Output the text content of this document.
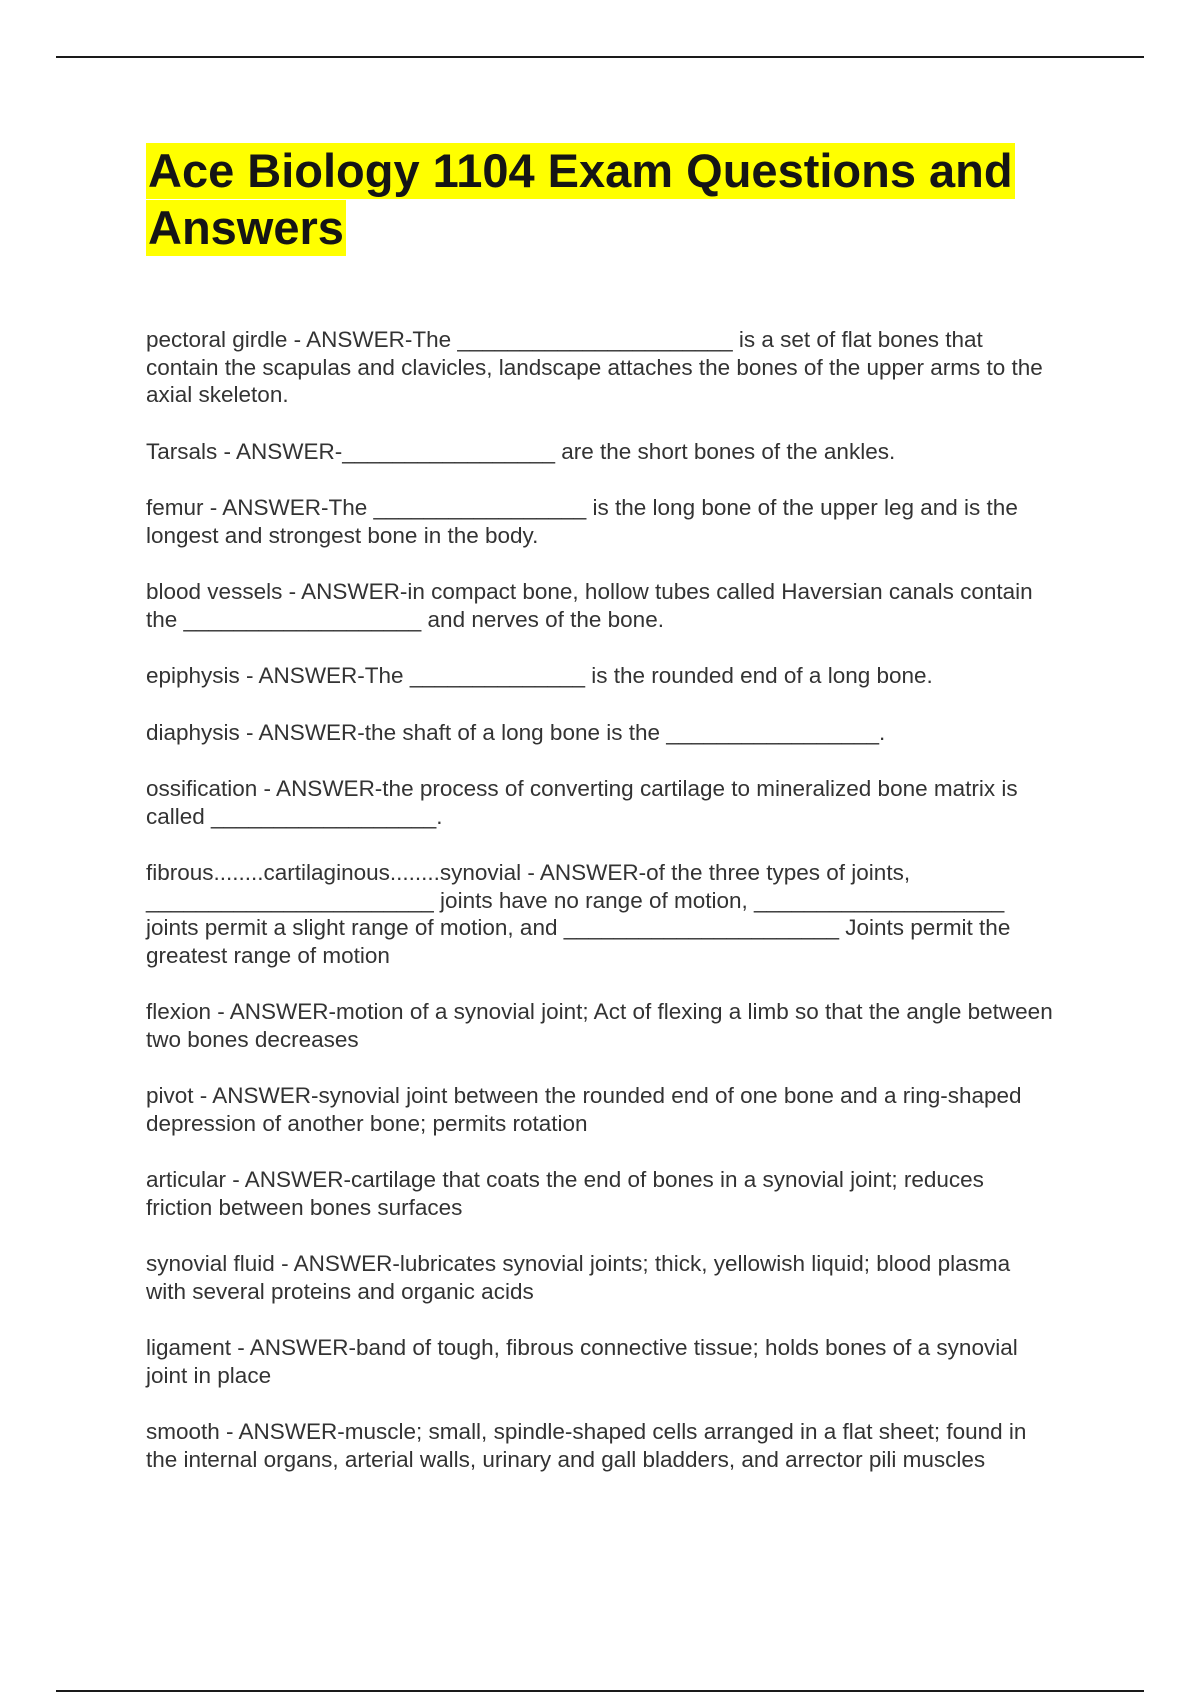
Ace Biology 1104 Exam Questions and Answers
pectoral girdle - ANSWER-The ______________________ is a set of flat bones that contain the scapulas and clavicles, landscape attaches the bones of the upper arms to the axial skeleton.
Tarsals - ANSWER-_________________ are the short bones of the ankles.
femur - ANSWER-The _________________ is the long bone of the upper leg and is the longest and strongest bone in the body.
blood vessels - ANSWER-in compact bone, hollow tubes called Haversian canals contain the ___________________ and nerves of the bone.
epiphysis - ANSWER-The ______________ is the rounded end of a long bone.
diaphysis - ANSWER-the shaft of a long bone is the _________________.
ossification - ANSWER-the process of converting cartilage to mineralized bone matrix is called __________________.
fibrous........cartilaginous........synovial - ANSWER-of the three types of joints, _______________________ joints have no range of motion, ____________________ joints permit a slight range of motion, and ______________________ Joints permit the greatest range of motion
flexion - ANSWER-motion of a synovial joint; Act of flexing a limb so that the angle between two bones decreases
pivot - ANSWER-synovial joint between the rounded end of one bone and a ring-shaped depression of another bone; permits rotation
articular - ANSWER-cartilage that coats the end of bones in a synovial joint; reduces friction between bones surfaces
synovial fluid - ANSWER-lubricates synovial joints; thick, yellowish liquid; blood plasma with several proteins and organic acids
ligament - ANSWER-band of tough, fibrous connective tissue; holds bones of a synovial joint in place
smooth - ANSWER-muscle; small, spindle-shaped cells arranged in a flat sheet; found in the internal organs, arterial walls, urinary and gall bladders, and arrector pili muscles
